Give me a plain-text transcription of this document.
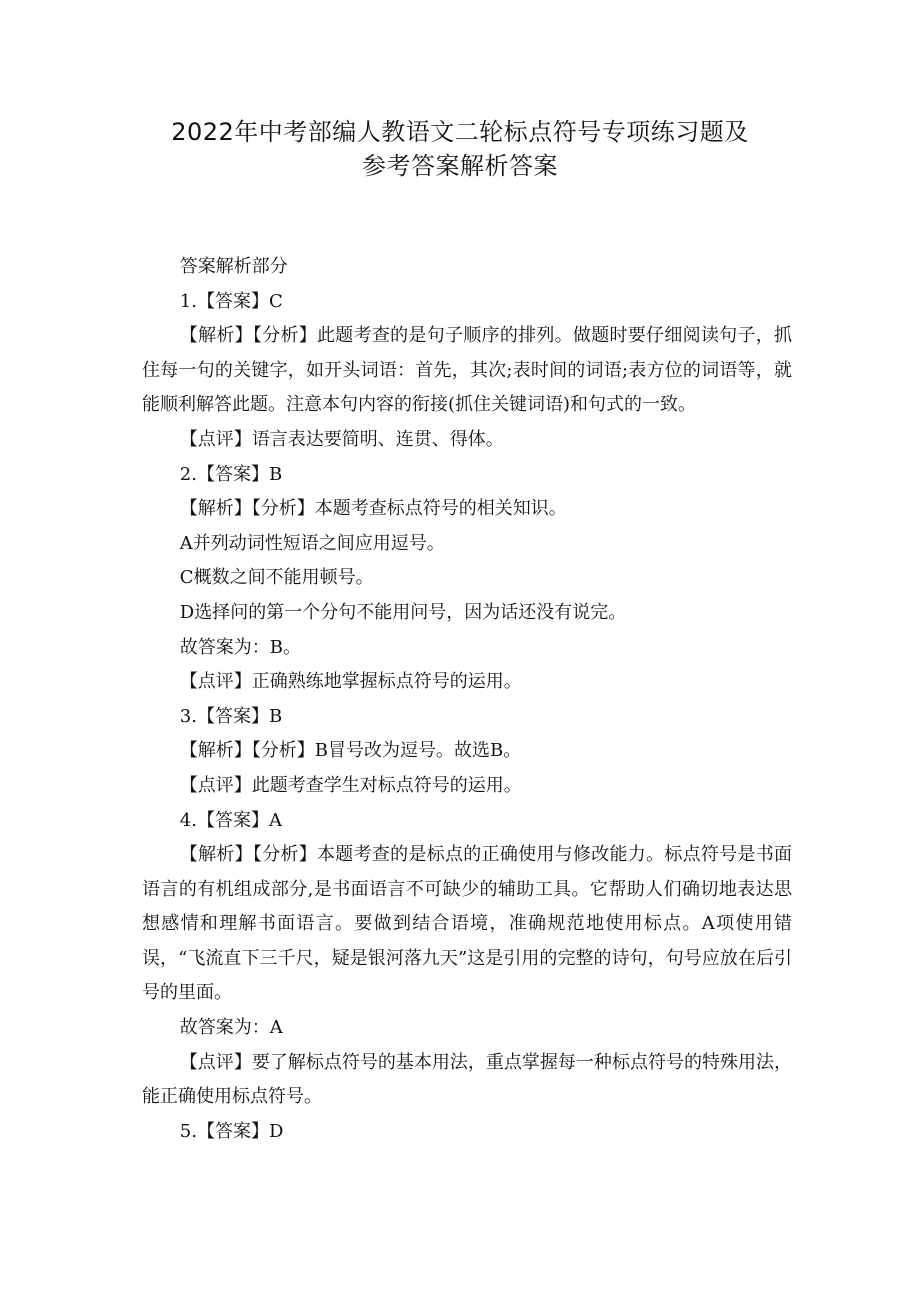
2022年中考部编人教语文二轮标点符号专项练习题及
参考答案解析答案

答案解析部分

1.【答案】C

【解析】【分析】此题考查的是句子顺序的排列。做题时要仔细阅读句子，抓住每一句的关键字，如开头词语：首先，其次;表时间的词语;表方位的词语等，就能顺利解答此题。注意本句内容的衔接(抓住关键词语)和句式的一致。

【点评】语言表达要简明、连贯、得体。

2.【答案】B

【解析】【分析】本题考查标点符号的相关知识。

A并列动词性短语之间应用逗号。

C概数之间不能用顿号。

D选择问的第一个分句不能用问号，因为话还没有说完。

故答案为：B。

【点评】正确熟练地掌握标点符号的运用。

3.【答案】B

【解析】【分析】B冒号改为逗号。故选B。

【点评】此题考查学生对标点符号的运用。

4.【答案】A

【解析】【分析】本题考查的是标点的正确使用与修改能力。标点符号是书面语言的有机组成部分,是书面语言不可缺少的辅助工具。它帮助人们确切地表达思想感情和理解书面语言。要做到结合语境，准确规范地使用标点。A项使用错误，“飞流直下三千尺，疑是银河落九天”这是引用的完整的诗句，句号应放在后引号的里面。

故答案为：A

【点评】要了解标点符号的基本用法，重点掌握每一种标点符号的特殊用法，能正确使用标点符号。

5.【答案】D
